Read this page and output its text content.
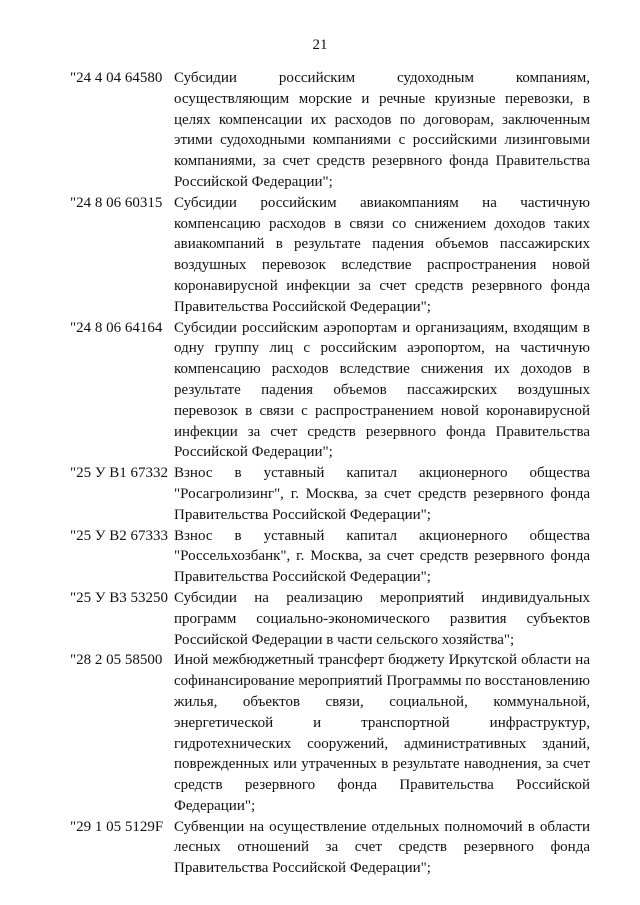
21
"24 4 04 64580 Субсидии российским судоходным компаниям, осуществляющим морские и речные круизные перевозки, в целях компенсации их расходов по договорам, заключенным этими судоходными компаниями с российскими лизинговыми компаниями, за счет средств резервного фонда Правительства Российской Федерации";
"24 8 06 60315 Субсидии российским авиакомпаниям на частичную компенсацию расходов в связи со снижением доходов таких авиакомпаний в результате падения объемов пассажирских воздушных перевозок вследствие распространения новой коронавирусной инфекции за счет средств резервного фонда Правительства Российской Федерации";
"24 8 06 64164 Субсидии российским аэропортам и организациям, входящим в одну группу лиц с российским аэропортом, на частичную компенсацию расходов вследствие снижения их доходов в результате падения объемов пассажирских воздушных перевозок в связи с распространением новой коронавирусной инфекции за счет средств резервного фонда Правительства Российской Федерации";
"25 У В1 67332 Взнос в уставный капитал акционерного общества "Росагролизинг", г. Москва, за счет средств резервного фонда Правительства Российской Федерации";
"25 У В2 67333 Взнос в уставный капитал акционерного общества "Россельхозбанк", г. Москва, за счет средств резервного фонда Правительства Российской Федерации";
"25 У В3 53250 Субсидии на реализацию мероприятий индивидуальных программ социально-экономического развития субъектов Российской Федерации в части сельского хозяйства";
"28 2 05 58500 Иной межбюджетный трансферт бюджету Иркутской области на софинансирование мероприятий Программы по восстановлению жилья, объектов связи, социальной, коммунальной, энергетической и транспортной инфраструктур, гидротехнических сооружений, административных зданий, поврежденных или утраченных в результате наводнения, за счет средств резервного фонда Правительства Российской Федерации";
"29 1 05 5129F Субвенции на осуществление отдельных полномочий в области лесных отношений за счет средств резервного фонда Правительства Российской Федерации";
